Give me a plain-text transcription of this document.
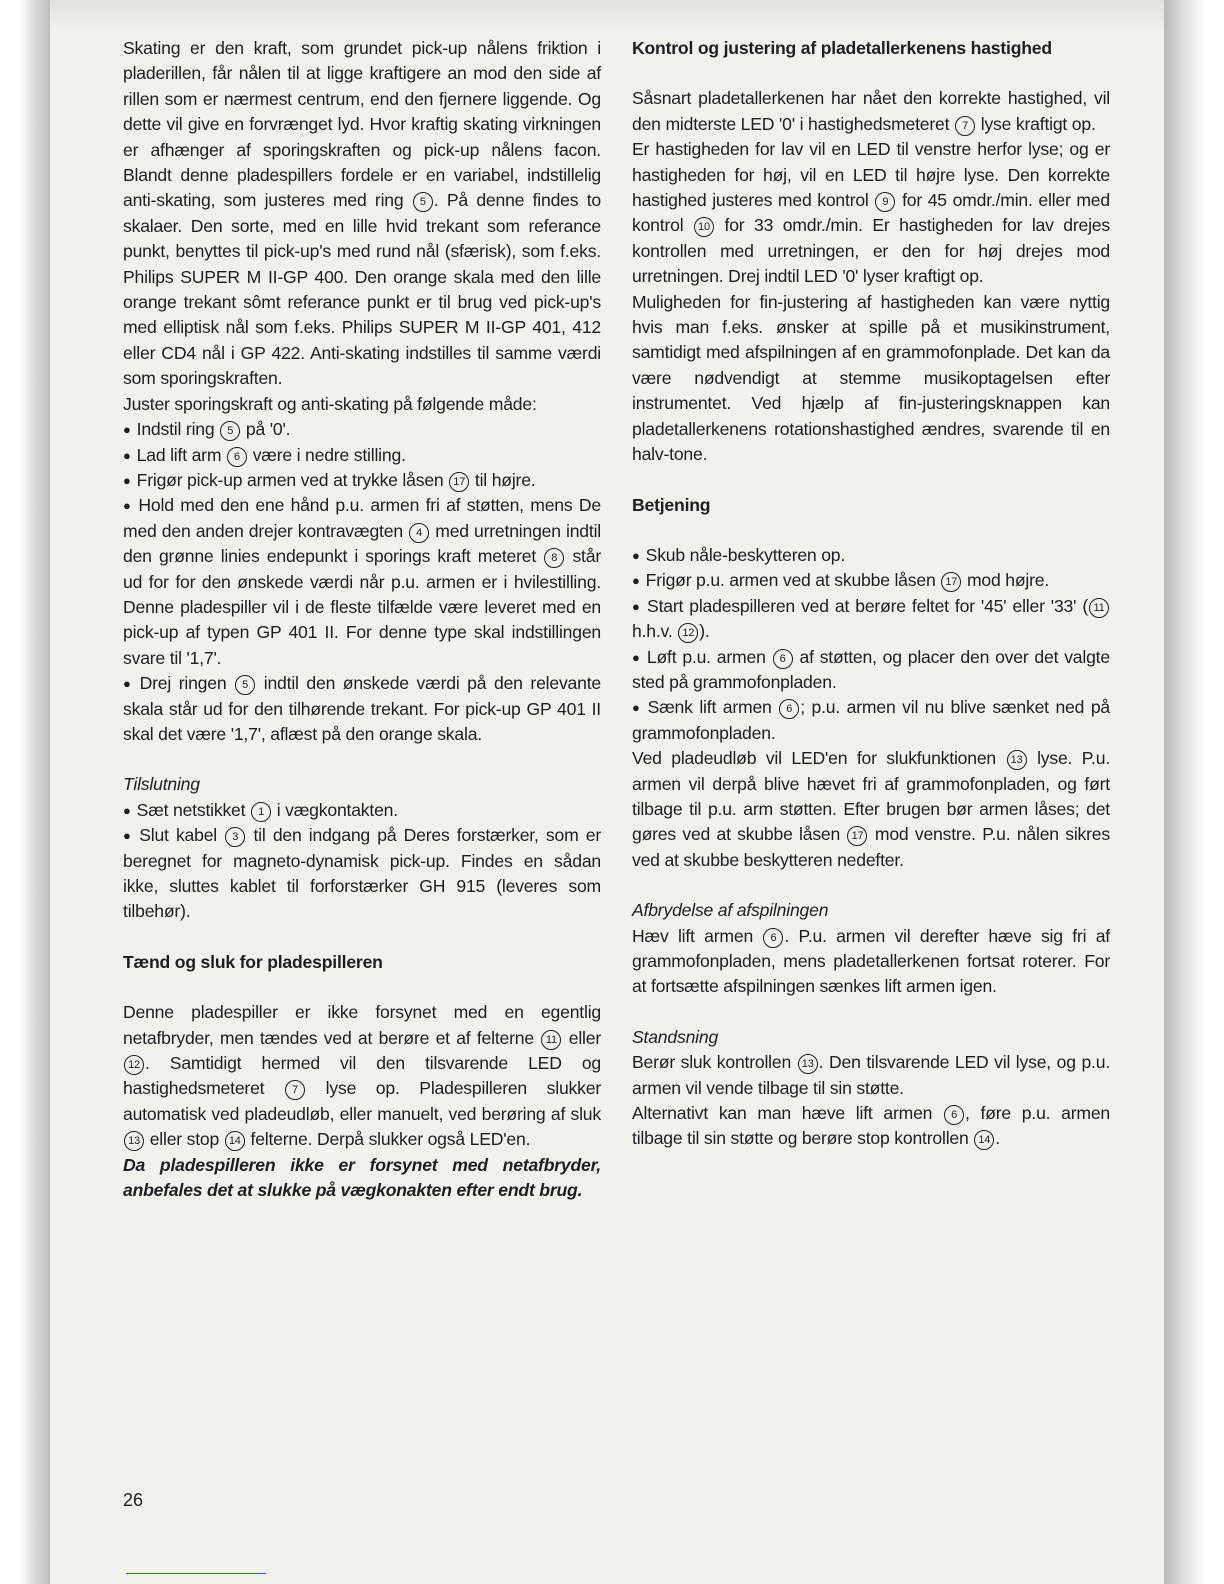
Skating er den kraft, som grundet pick-up nålens friktion i pladerillen, får nålen til at ligge kraftigere an mod den side af rillen som er nærmest centrum, end den fjernere liggende. Og dette vil give en forvrænget lyd. Hvor kraftig skating virkningen er afhænger af sporingskraften og pick-up nålens facon. Blandt denne pladespillers fordele er en variabel, indstillelig anti-skating, som justeres med ring 5 . På denne findes to skalaer. Den sorte, med en lille hvid trekant som referance punkt, benyttes til pick-up's med rund nål (sfærisk), som f.eks. Philips SUPER M II-GP 400. Den orange skala med den lille orange trekant sômt referance punkt er til brug ved pick-up's med elliptisk nål som f.eks. Philips SUPER M II-GP 401, 412 eller CD4 nål i GP 422. Anti-skating indstilles til samme værdi som sporingskraften.

Juster sporingskraft og anti-skating på følgende måde:

● Indstil ring 5 på '0'.

● Lad lift arm 6 være i nedre stilling.

● Frigør pick-up armen ved at trykke låsen 17 til højre.

● Hold med den ene hånd p.u. armen fri af støtten, mens De med den anden drejer kontravægten 4 med urretningen indtil den grønne linies endepunkt i sporings kraft meteret 8 står ud for for den ønskede værdi når p.u. armen er i hvilestilling. Denne pladespiller vil i de fleste tilfælde være leveret med en pick-up af typen GP 401 II. For denne type skal indstillingen svare til '1,7'.

● Drej ringen 5 indtil den ønskede værdi på den relevante skala står ud for den tilhørende trekant. For pick-up GP 401 II skal det være '1,7', aflæst på den orange skala.

Tilslutning

● Sæt netstikket 1 i vægkontakten.

● Slut kabel 3 til den indgang på Deres forstærker, som er beregnet for magneto-dynamisk pick-up. Findes en sådan ikke, sluttes kablet til forforstærker GH 915 (leveres som tilbehør).

Tænd og sluk for pladespilleren

Denne pladespiller er ikke forsynet med en egentlig netafbryder, men tændes ved at berøre et af felterne 11 eller 12 . Samtidigt hermed vil den tilsvarende LED og hastighedsmeteret	7 lyse op. Pladespilleren slukker automatisk ved pladeudløb, eller manuelt, ved berøring af sluk 13 eller stop 14 felterne. Derpå slukker også LED'en.

Da pladespilleren ikke er forsynet med netafbryder, anbefales det at slukke på vægkonakten efter endt brug.

Kontrol og justering af pladetallerkenens hastighed

Såsnart pladetallerkenen har nået den korrekte hastighed, vil den midterste LED '0' i hastighedsmeteret 7 lyse kraftigt op.

Er hastigheden for lav vil en LED til venstre herfor lyse; og er hastigheden for høj, vil en LED til højre lyse. Den korrekte hastighed justeres med kontrol 9 for 45 omdr./min. eller med kontrol 10 for 33 omdr./min. Er hastigheden for lav drejes kontrollen med urretningen, er den for høj drejes mod urretningen. Drej indtil LED '0' lyser kraftigt op.

Muligheden for fin-justering af hastigheden kan være nyttig hvis man f.eks. ønsker at spille på et musikinstrument, samtidigt med afspilningen af en grammofonplade. Det kan da være nødvendigt at stemme musikoptagelsen efter instrumentet. Ved hjælp af fin-justeringsknappen kan pladetallerkenens rotationshastighed ændres, svarende til en halv-tone.

Betjening

● Skub nåle-beskytteren op.

● Frigør p.u. armen ved at skubbe låsen 17 mod højre.

● Start pladespilleren ved at berøre feltet for '45' eller '33' ( 11 h.h.v. 12 ).

● Løft p.u. armen 6 af støtten, og placer den over det valgte sted på grammofonpladen.

● Sænk lift armen 6 ; p.u. armen vil nu blive sænket ned på grammofonpladen.

Ved pladeudløb vil LED'en for slukfunktionen 13 lyse. P.u. armen vil derpå blive hævet fri af grammofonpladen, og ført tilbage til p.u. arm støtten. Efter brugen bør armen låses; det gøres ved at skubbe låsen 17 mod venstre. P.u. nålen sikres ved at skubbe beskytteren nedefter.

Afbrydelse af afspilningen

Hæv lift armen 6 . P.u. armen vil derefter hæve sig fri af grammofonpladen, mens pladetallerkenen fortsat roterer. For at fortsætte afspilningen sænkes lift armen igen.

Standsning

Berør sluk kontrollen 13 . Den tilsvarende LED vil lyse, og p.u. armen vil vende tilbage til sin støtte.

Alternativt kan man hæve lift armen 6 , føre p.u. armen tilbage til sin støtte og berøre stop kontrollen 14 .

26
